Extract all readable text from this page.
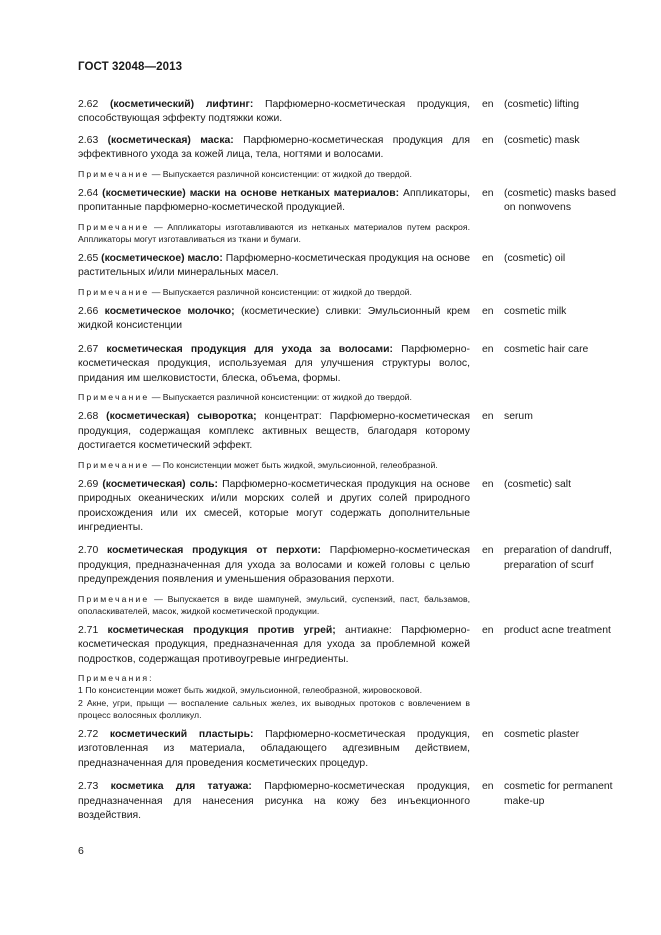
ГОСТ 32048—2013
2.62 (косметический) лифтинг: Парфюмерно-косметическая продукция, способствующая эффекту подтяжки кожи.
en (cosmetic) lifting
2.63 (косметическая) маска: Парфюмерно-косметическая продукция для эффективного ухода за кожей лица, тела, ногтями и волосами.
en (cosmetic) mask
Примечание — Выпускается различной консистенции: от жидкой до твердой.
2.64 (косметические) маски на основе нетканых материалов: Аппликаторы, пропитанные парфюмерно-косметической продукцией.
en (cosmetic) masks based on nonwovens
Примечание — Аппликаторы изготавливаются из нетканых материалов путем раскроя. Аппликаторы могут изготавливаться из ткани и бумаги.
2.65 (косметическое) масло: Парфюмерно-косметическая продукция на основе растительных и/или минеральных масел.
en (cosmetic) oil
Примечание — Выпускается различной консистенции: от жидкой до твердой.
2.66 косметическое молочко; (косметические) сливки: Эмульсионный крем жидкой консистенции
en cosmetic milk
2.67 косметическая продукция для ухода за волосами: Парфюмерно-косметическая продукция, используемая для улучшения структуры волос, придания им шелковистости, блеска, объема, формы.
en cosmetic hair care
Примечание — Выпускается различной консистенции: от жидкой до твердой.
2.68 (косметическая) сыворотка; концентрат: Парфюмерно-косметическая продукция, содержащая комплекс активных веществ, благодаря которому достигается косметический эффект.
en serum
Примечание — По консистенции может быть жидкой, эмульсионной, гелеобразной.
2.69 (косметическая) соль: Парфюмерно-косметическая продукция на основе природных океанических и/или морских солей и других солей природного происхождения или их смесей, которые могут содержать дополнительные ингредиенты.
en (cosmetic) salt
2.70 косметическая продукция от перхоти: Парфюмерно-косметическая продукция, предназначенная для ухода за волосами и кожей головы с целью предупреждения появления и уменьшения образования перхоти.
en preparation of dandruff, preparation of scurf
Примечание — Выпускается в виде шампуней, эмульсий, суспензий, паст, бальзамов, ополаскивателей, масок, жидкой косметической продукции.
2.71 косметическая продукция против угрей; антиакне: Парфюмерно-косметическая продукция, предназначенная для ухода за проблемной кожей подростков, содержащая противоугревые ингредиенты.
en product acne treatment
Примечания:
1 По консистенции может быть жидкой, эмульсионной, гелеобразной, жировосковой.
2 Акне, угри, прыщи — воспаление сальных желез, их выводных протоков с вовлечением в процесс волосяных фолликул.
2.72 косметический пластырь: Парфюмерно-косметическая продукция, изготовленная из материала, обладающего адгезивным действием, предназначенная для проведения косметических процедур.
en cosmetic plaster
2.73 косметика для татуажа: Парфюмерно-косметическая продукция, предназначенная для нанесения рисунка на кожу без инъекционного воздействия.
en cosmetic for permanent make-up
6
